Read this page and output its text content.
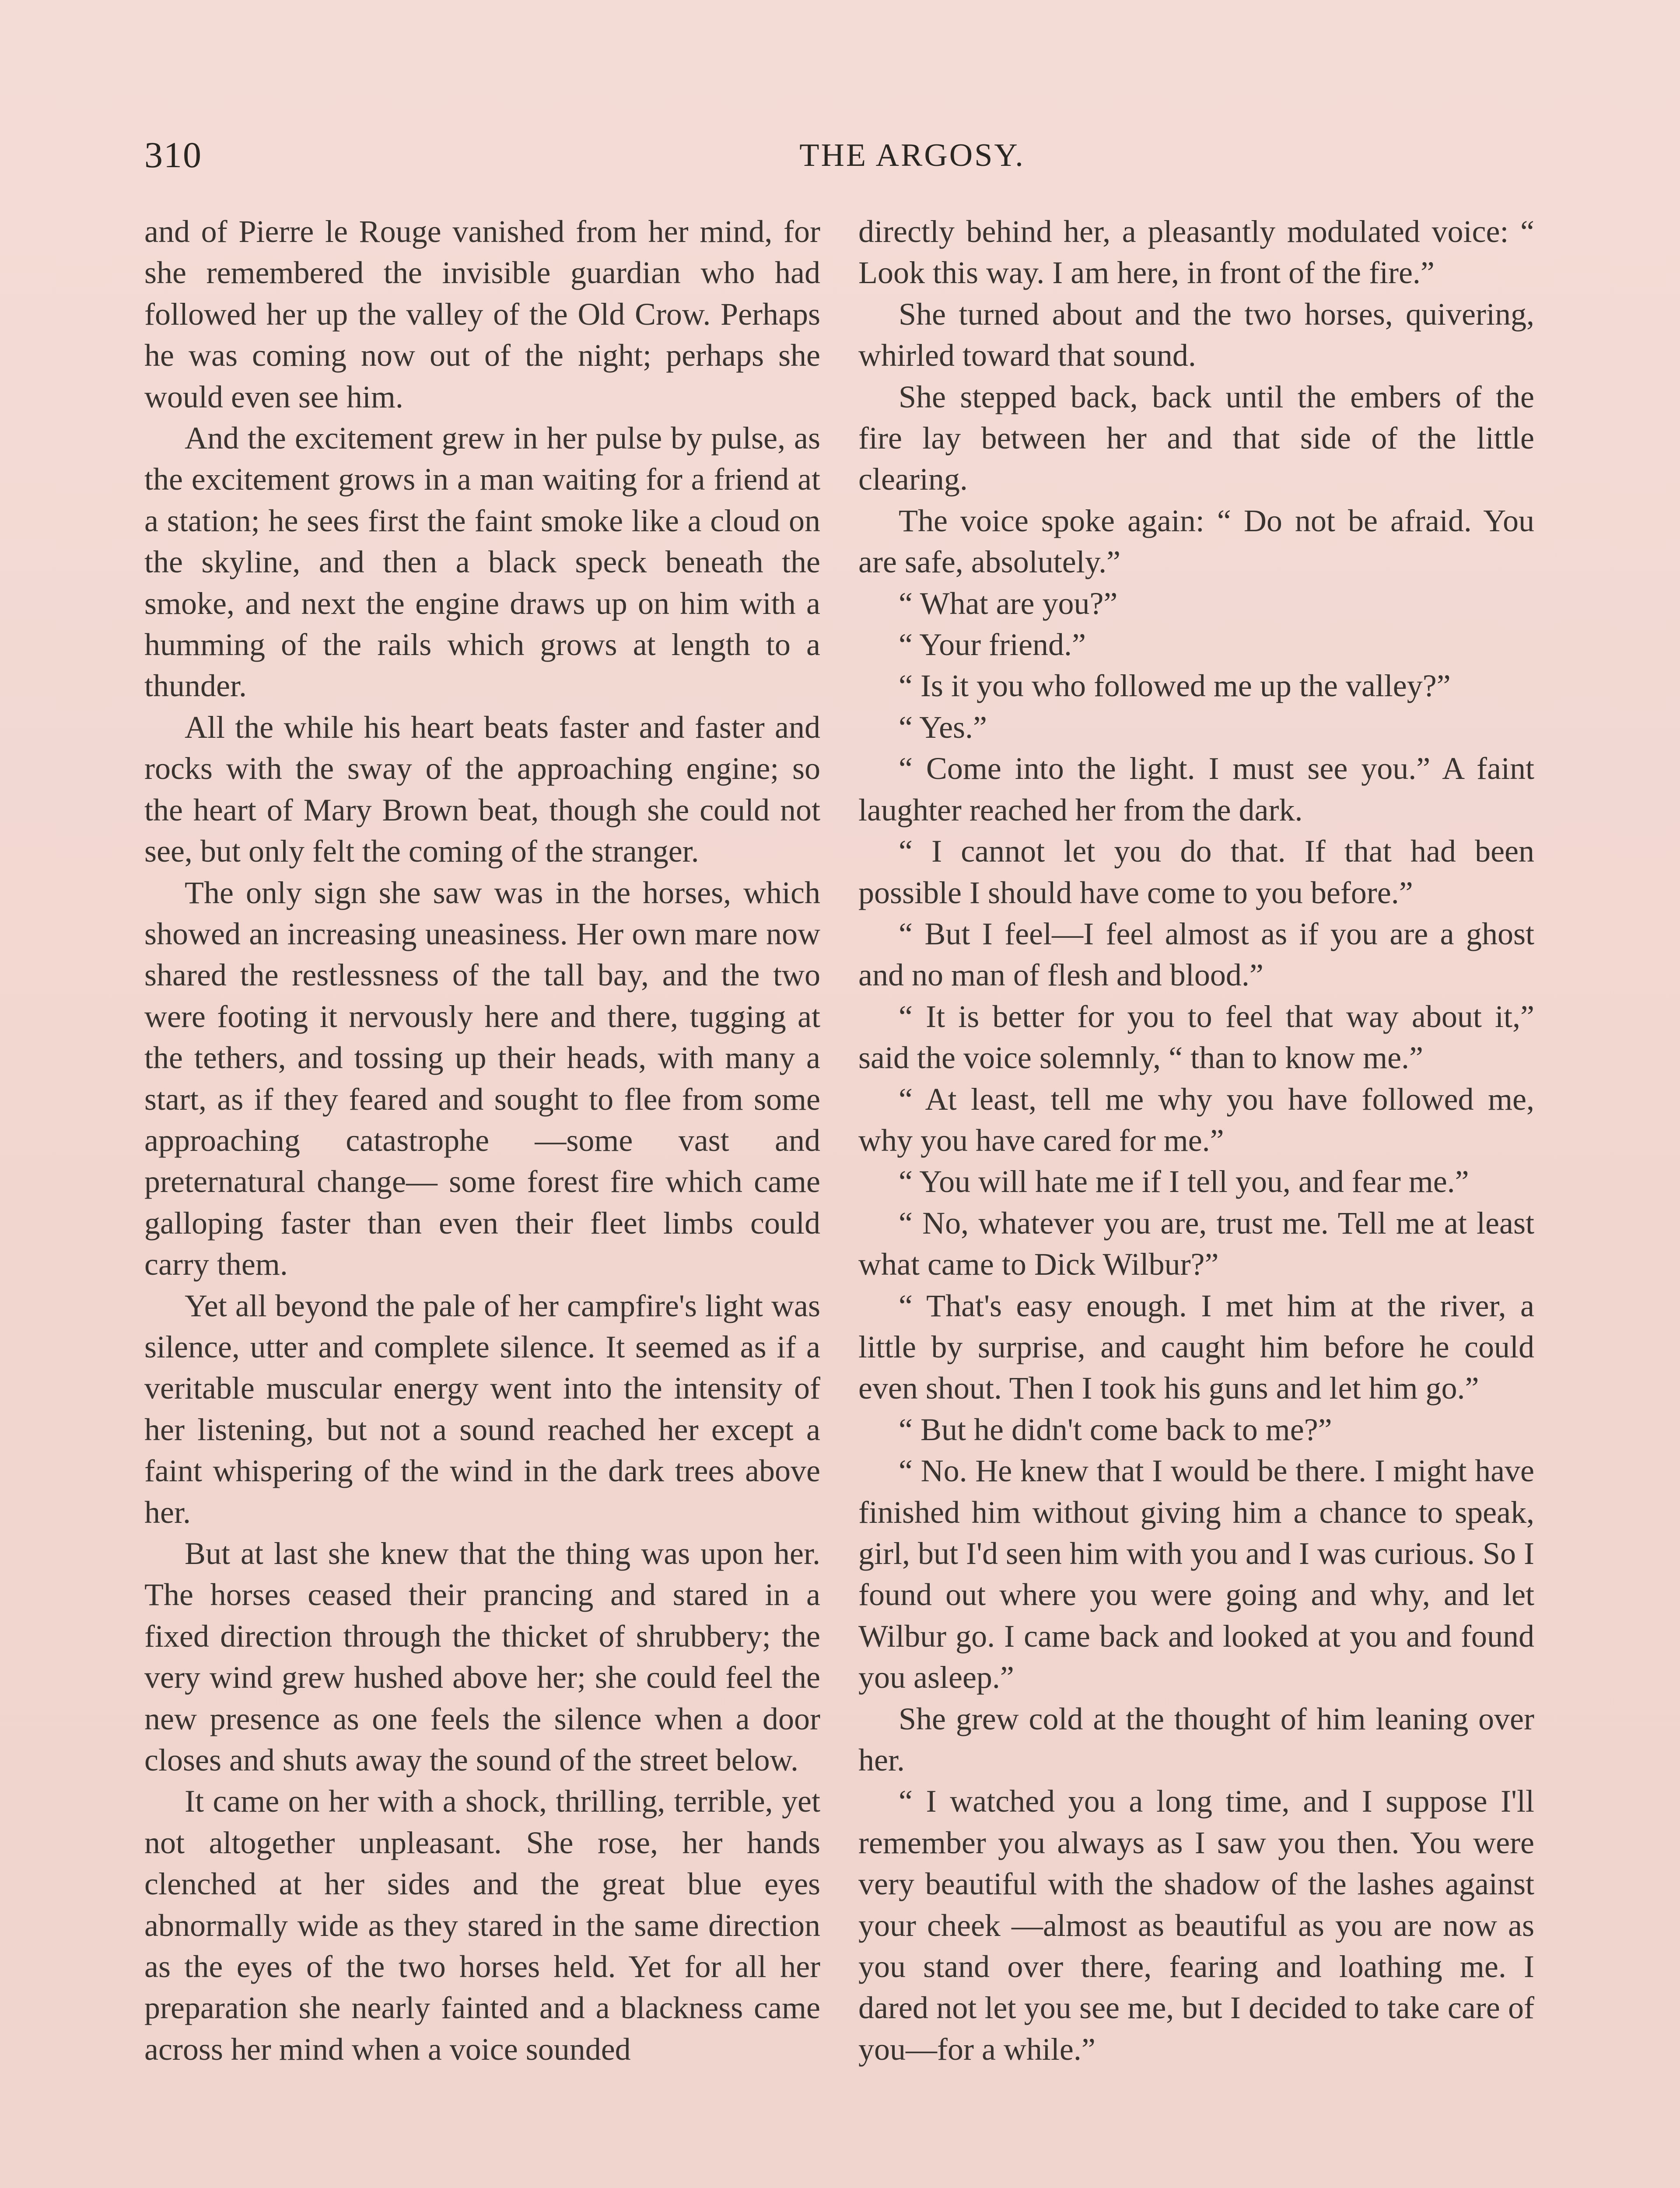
310	THE ARGOSY.

and of Pierre le Rouge vanished from her mind, for she remembered the invisible guardian who had followed her up the valley of the Old Crow. Perhaps he was coming now out of the night; perhaps she would even see him.

And the excitement grew in her pulse by pulse, as the excitement grows in a man waiting for a friend at a station; he sees first the faint smoke like a cloud on the skyline, and then a black speck beneath the smoke, and next the engine draws up on him with a humming of the rails which grows at length to a thunder.

All the while his heart beats faster and faster and rocks with the sway of the approaching engine; so the heart of Mary Brown beat, though she could not see, but only felt the coming of the stranger.

The only sign she saw was in the horses, which showed an increasing uneasiness. Her own mare now shared the restlessness of the tall bay, and the two were footing it nervously here and there, tugging at the tethers, and tossing up their heads, with many a start, as if they feared and sought to flee from some approaching catastrophe —some vast and preternatural change— some forest fire which came galloping faster than even their fleet limbs could carry them.

Yet all beyond the pale of her campfire's light was silence, utter and complete silence. It seemed as if a veritable muscular energy went into the intensity of her listening, but not a sound reached her except a faint whispering of the wind in the dark trees above her.

But at last she knew that the thing was upon her. The horses ceased their prancing and stared in a fixed direction through the thicket of shrubbery; the very wind grew hushed above her; she could feel the new presence as one feels the silence when a door closes and shuts away the sound of the street below.

It came on her with a shock, thrilling, terrible, yet not altogether unpleasant. She rose, her hands clenched at her sides and the great blue eyes abnormally wide as they stared in the same direction as the eyes of the two horses held. Yet for all her preparation she nearly fainted and a blackness came across her mind when a voice sounded

directly behind her, a pleasantly modulated voice: “ Look this way. I am here, in front of the fire.”

She turned about and the two horses, quivering, whirled toward that sound.

She stepped back, back until the embers of the fire lay between her and that side of the little clearing.

The voice spoke again: “ Do not be afraid. You are safe, absolutely.”

“ What are you?”

“ Your friend.”

“ Is it you who followed me up the valley?”

“ Yes.”

“ Come into the light. I must see you.” A faint laughter reached her from the dark.

“ I cannot let you do that. If that had been possible I should have come to you before.”

“ But I feel—I feel almost as if you are a ghost and no man of flesh and blood.”

“ It is better for you to feel that way about it,” said the voice solemnly, “ than to know me.”

“ At least, tell me why you have followed me, why you have cared for me.”

“ You will hate me if I tell you, and fear me.”

“ No, whatever you are, trust me. Tell me at least what came to Dick Wilbur?”

“ That's easy enough. I met him at the river, a little by surprise, and caught him before he could even shout. Then I took his guns and let him go.”

“ But he didn't come back to me?”

“ No. He knew that I would be there. I might have finished him without giving him a chance to speak, girl, but I'd seen him with you and I was curious. So I found out where you were going and why, and let Wilbur go. I came back and looked at you and found you asleep.”

She grew cold at the thought of him leaning over her.

“ I watched you a long time, and I suppose I'll remember you always as I saw you then. You were very beautiful with the shadow of the lashes against your cheek —almost as beautiful as you are now as you stand over there, fearing and loathing me. I dared not let you see me, but I decided to take care of you—for a while.”
